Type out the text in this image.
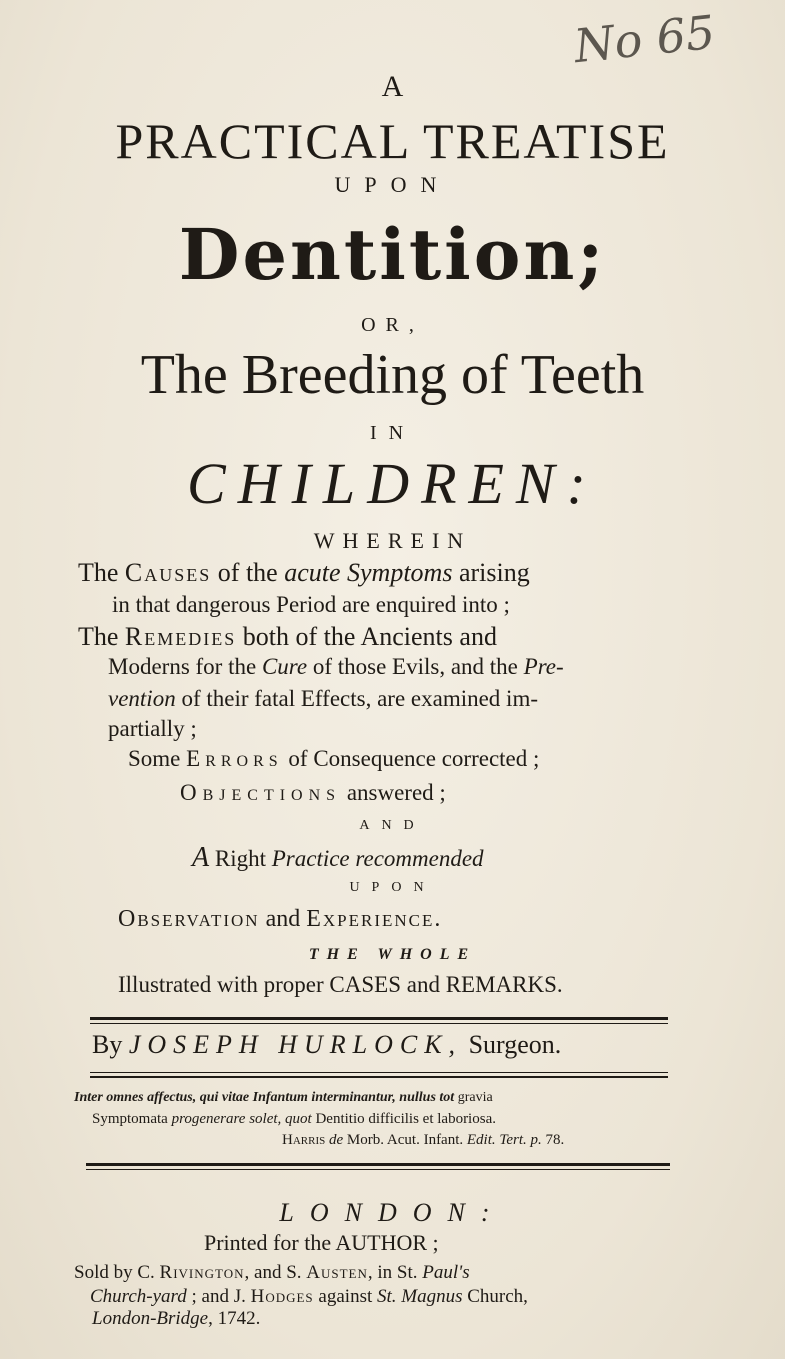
No 65
A
PRACTICAL TREATISE
UPON
Dentition;
OR,
The Breeding of Teeth
IN
CHILDREN:
WHEREIN
The Causes of the acute Symptoms arising
in that dangerous Period are enquired into ;
The Remedies both of the Ancients and
Moderns for the Cure of those Evils, and the Pre-
vention of their fatal Effects, are examined im-
partially ;
Some Errors of Consequence corrected ;
Objections answered ;
AND
A Right Practice recommended
UPON
Observation and Experience.
THE WHOLE
Illustrated with proper CASES and REMARKS.
By JOSEPH HURLOCK, Surgeon.
Inter omnes affectus, qui vitae Infantum interminantur, nullus tot gravia
Symptomata progenerare solet, quot Dentitio difficilis et laboriosa.
Harris de Morb. Acut. Infant. Edit. Tert. p. 78.
LONDON:
Printed for the AUTHOR ;
Sold by C. Rivington, and S. Austen, in St. Paul's
Church-yard ; and J. Hodges against St. Magnus Church,
London-Bridge, 1742.
